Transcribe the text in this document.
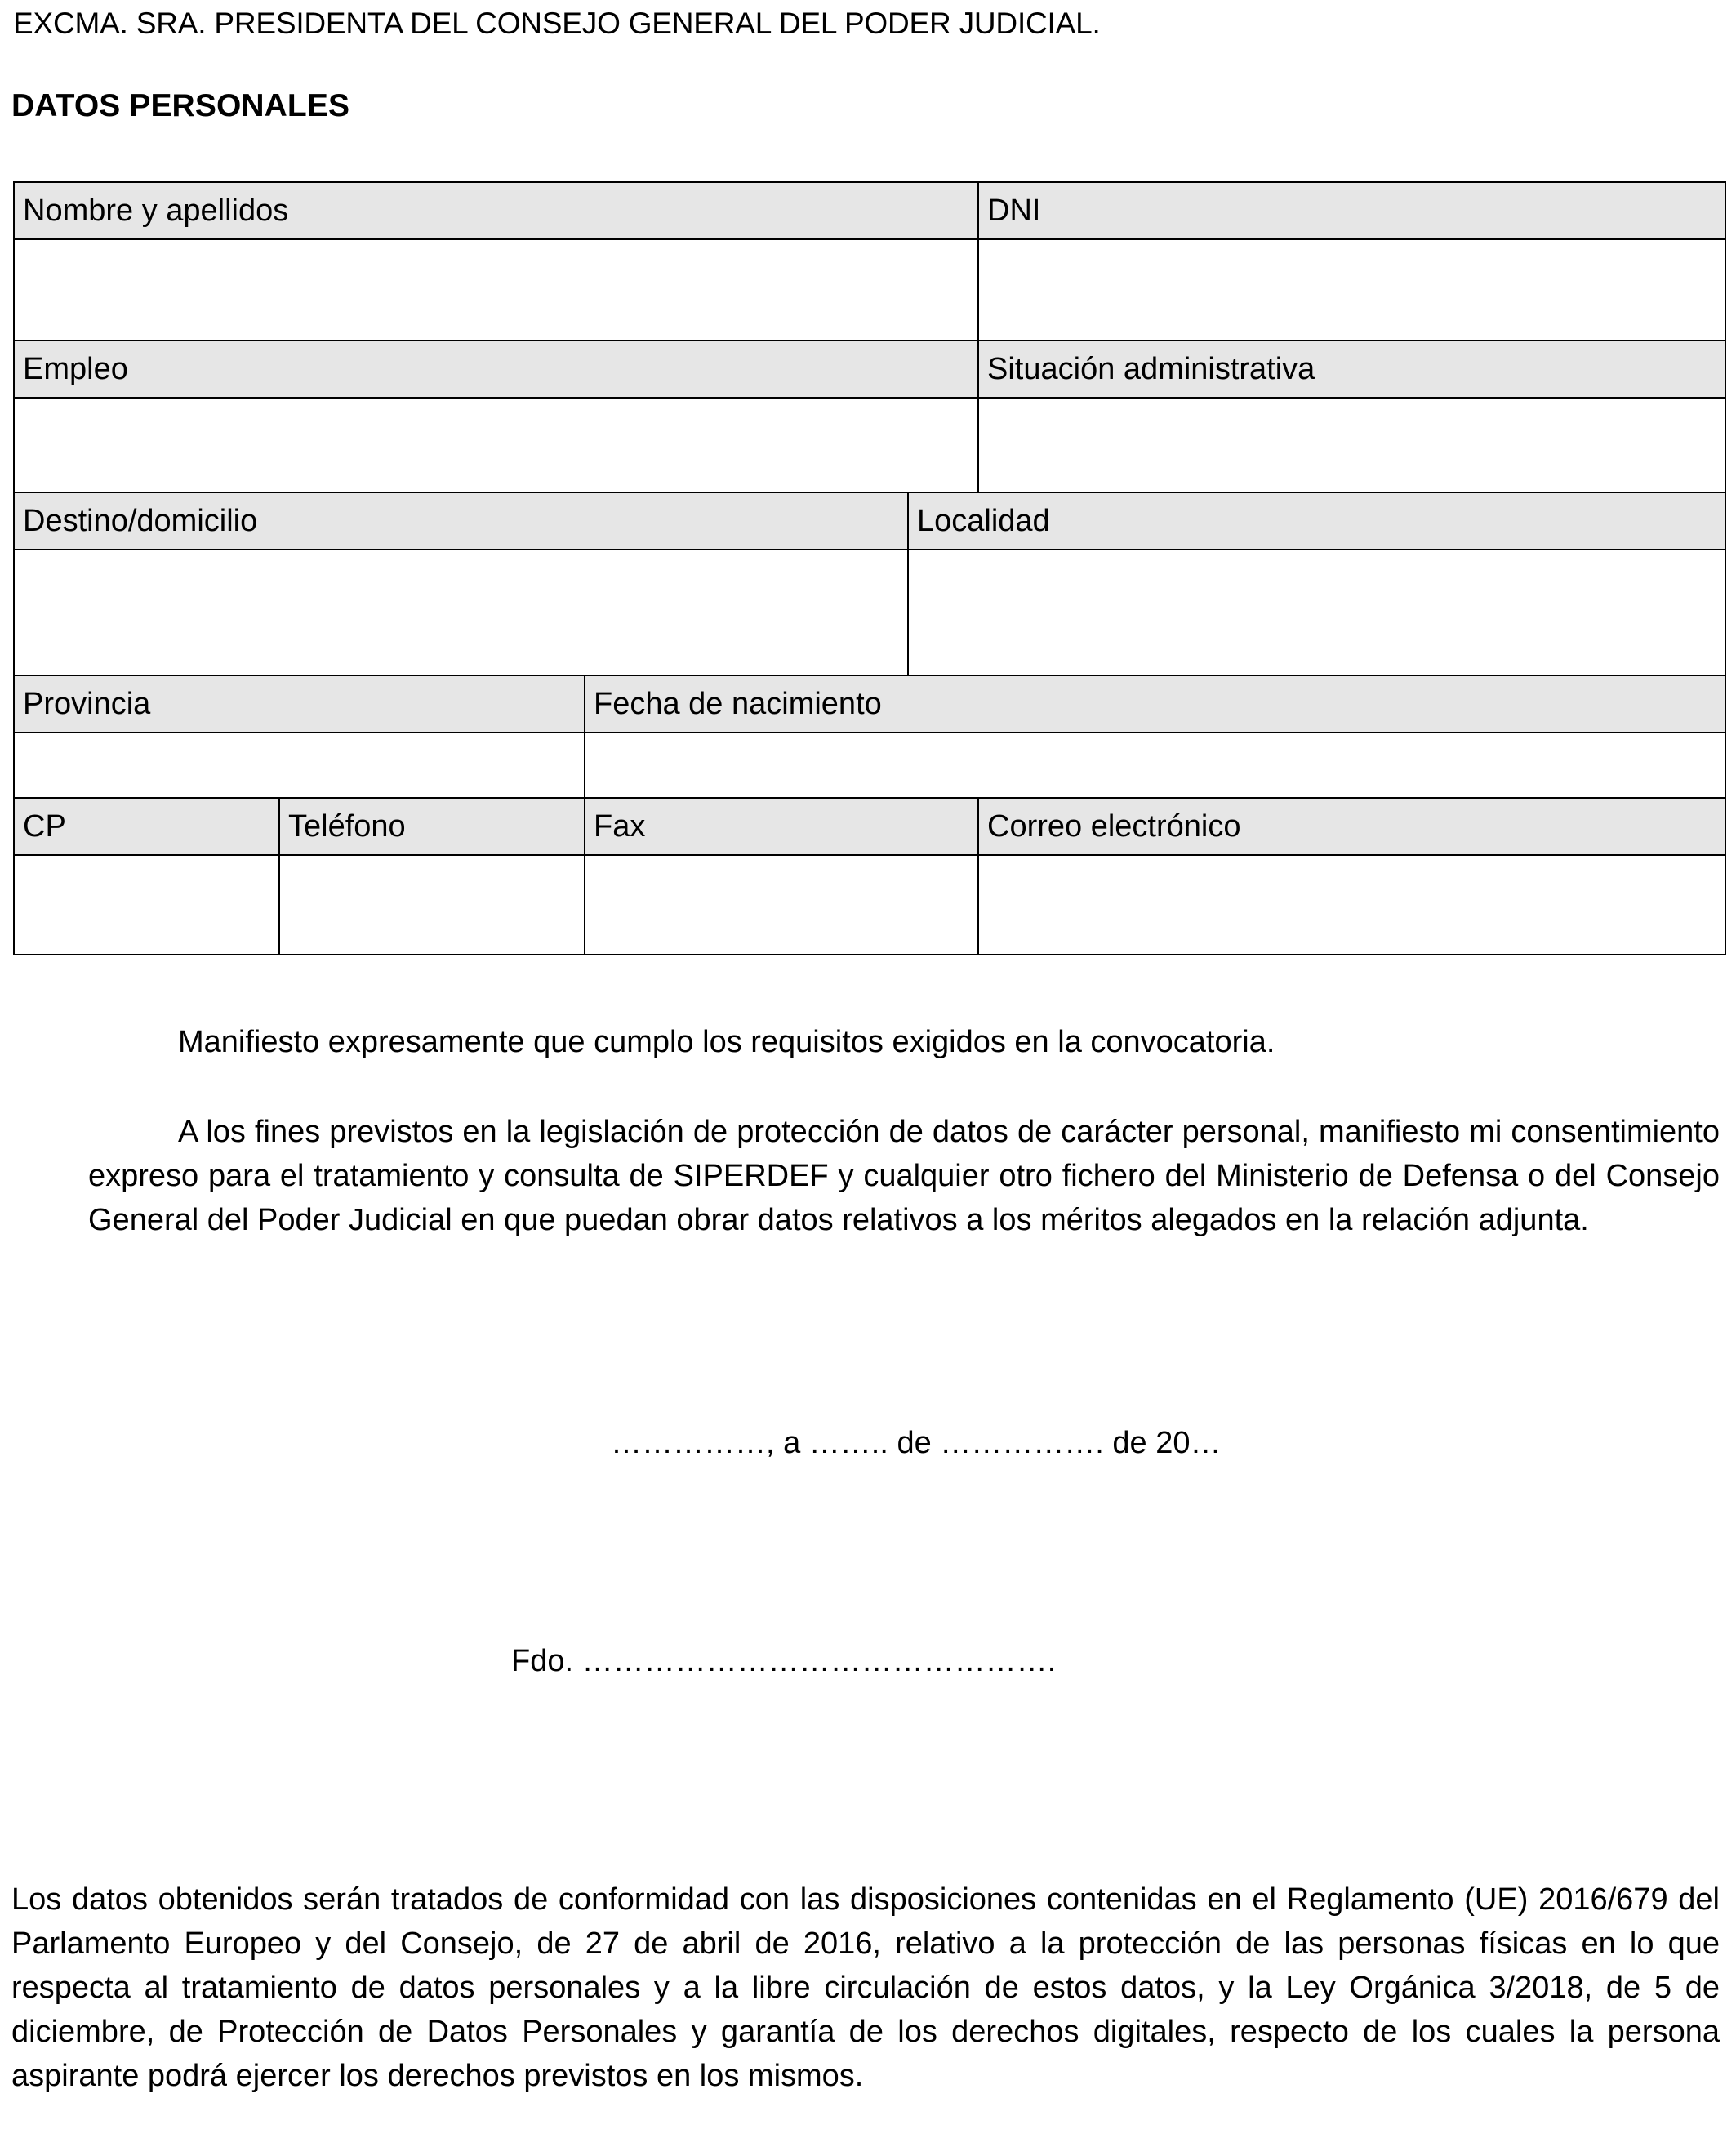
EXCMA. SRA. PRESIDENTA DEL CONSEJO GENERAL DEL PODER JUDICIAL.
DATOS PERSONALES
Nombre y apellidos				DNI

Empleo				Situación administrativa

Destino/domicilio			Localidad	

Provincia		Fecha de nacimiento		

CP	Teléfono	Fax		Correo electrónico

Manifiesto expresamente que cumplo los requisitos exigidos en la convocatoria.
A los fines previstos en la legislación de protección de datos de carácter personal, manifiesto mi consentimiento expreso para el tratamiento y consulta de SIPERDEF y cualquier otro fichero del Ministerio de Defensa o del Consejo General del Poder Judicial en que puedan obrar datos relativos a los méritos alegados en la relación adjunta.
……………, a …….. de ……………. de 20…
Fdo. ……………………………………….
Los datos obtenidos serán tratados de conformidad con las disposiciones contenidas en el Reglamento (UE) 2016/679 del Parlamento Europeo y del Consejo, de 27 de abril de 2016, relativo a la protección de las personas físicas en lo que respecta al tratamiento de datos personales y a la libre circulación de estos datos, y la Ley Orgánica 3/2018, de 5 de diciembre, de Protección de Datos Personales y garantía de los derechos digitales, respecto de los cuales la persona aspirante podrá ejercer los derechos previstos en los mismos.
